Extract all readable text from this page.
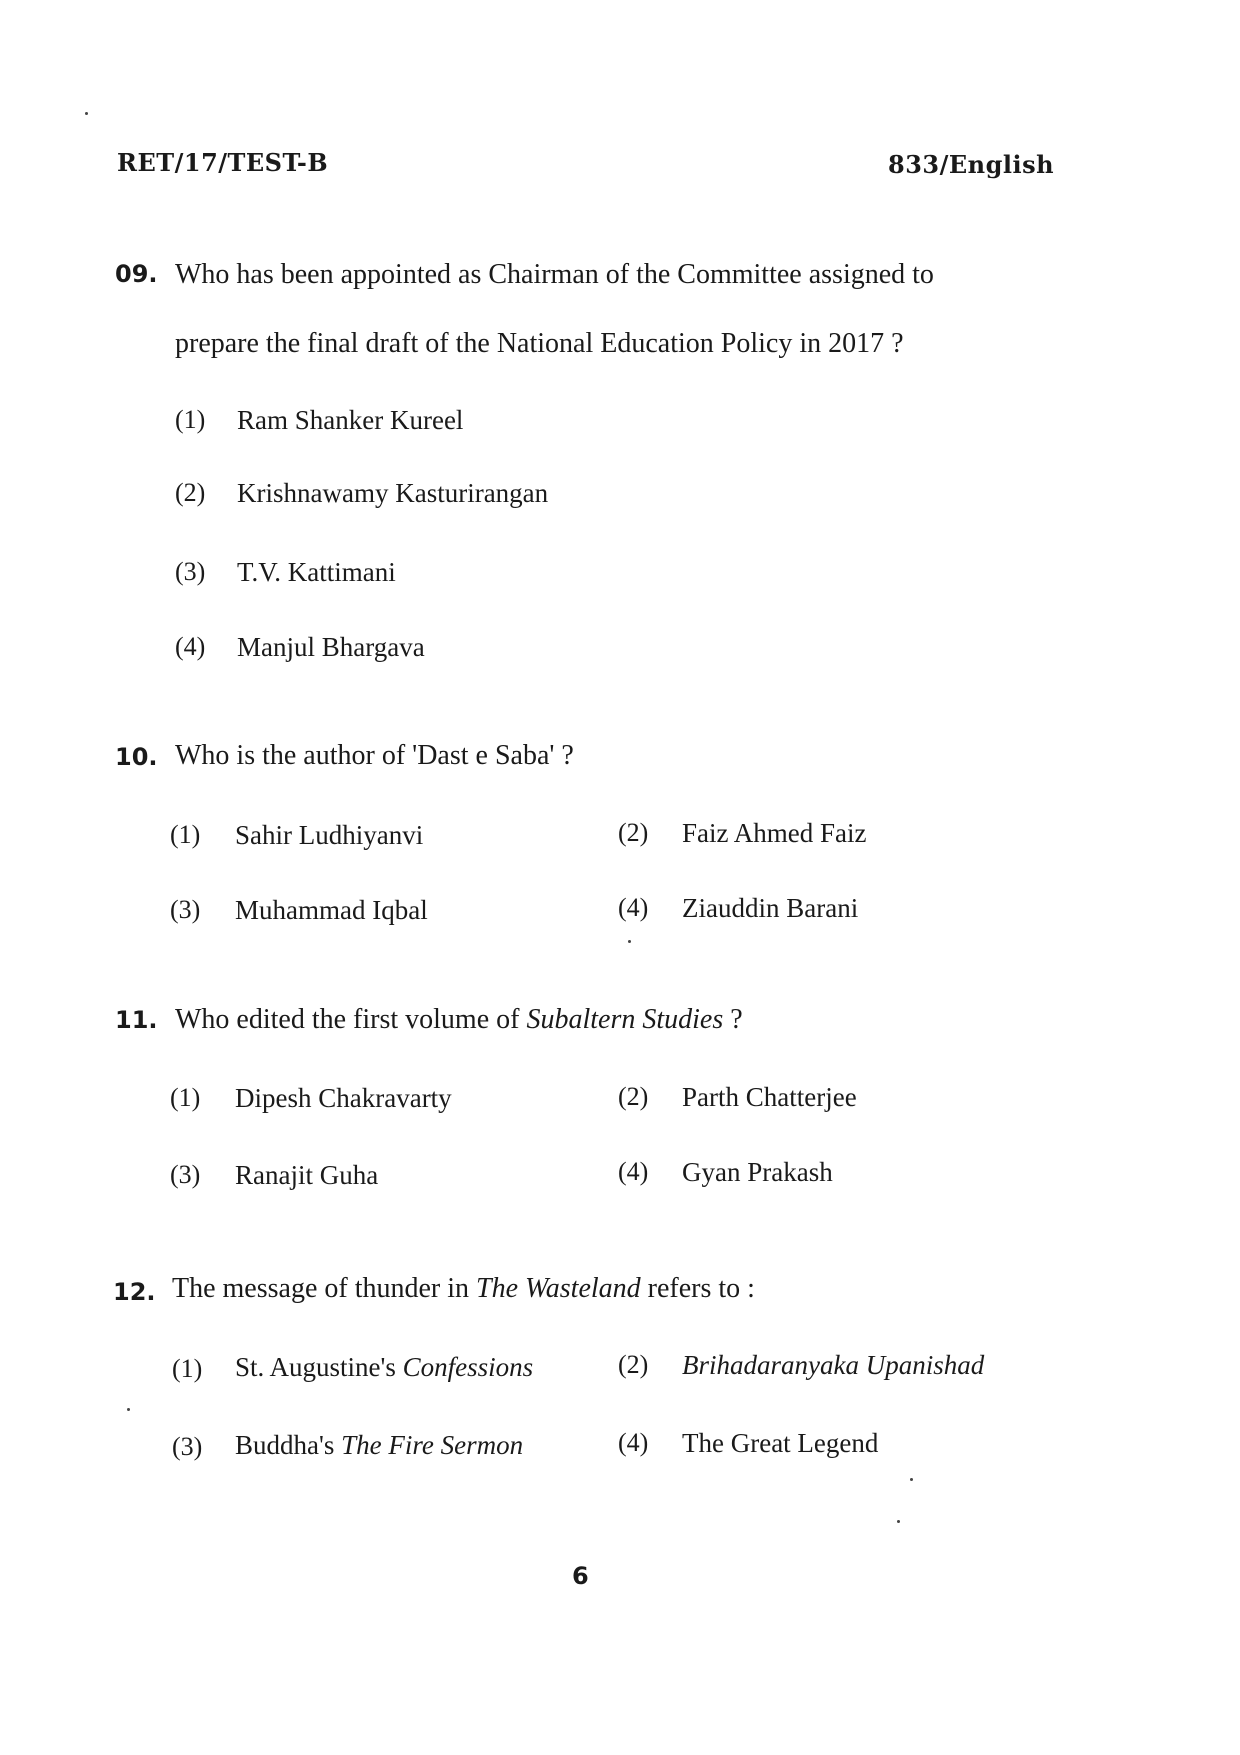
RET/17/TEST-B	833/English
09. Who has been appointed as Chairman of the Committee assigned to
prepare the final draft of the National Education Policy in 2017 ?
(1) Ram Shanker Kureel
(2) Krishnawamy Kasturirangan
(3) T.V. Kattimani
(4) Manjul Bhargava
10. Who is the author of 'Dast e Saba' ?
(1) Sahir Ludhiyanvi	(2) Faiz Ahmed Faiz
(3) Muhammad Iqbal	(4) Ziauddin Barani
11. Who edited the first volume of Subaltern Studies ?
(1) Dipesh Chakravarty	(2) Parth Chatterjee
(3) Ranajit Guha	(4) Gyan Prakash
12. The message of thunder in The Wasteland refers to :
(1) St. Augustine's Confessions	(2) Brihadaranyaka Upanishad
(3) Buddha's The Fire Sermon	(4) The Great Legend
6
